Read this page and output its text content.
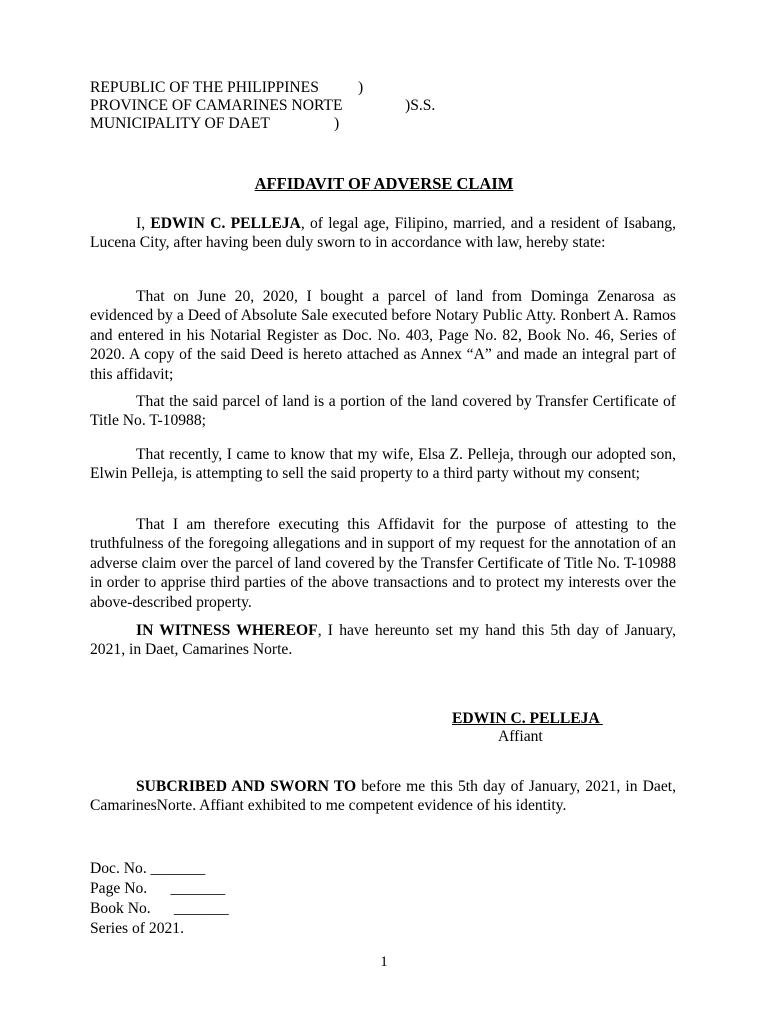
REPUBLIC OF THE PHILIPPINES	)
PROVINCE OF CAMARINES NORTE	)S.S.
MUNICIPALITY OF DAET	)
AFFIDAVIT OF ADVERSE CLAIM

I, EDWIN C. PELLEJA, of legal age, Filipino, married, and a resident of Isabang, Lucena City, after having been duly sworn to in accordance with law, hereby state:

That on June 20, 2020, I bought a parcel of land from Dominga Zenarosa as evidenced by a Deed of Absolute Sale executed before Notary Public Atty. Ronbert A. Ramos and entered in his Notarial Register as Doc. No. 403, Page No. 82, Book No. 46, Series of 2020. A copy of the said Deed is hereto attached as Annex “A” and made an integral part of this affidavit;

That the said parcel of land is a portion of the land covered by Transfer Certificate of Title No. T-10988;

That recently, I came to know that my wife, Elsa Z. Pelleja, through our adopted son, Elwin Pelleja, is attempting to sell the said property to a third party without my consent;

That I am therefore executing this Affidavit for the purpose of attesting to the truthfulness of the foregoing allegations and in support of my request for the annotation of an adverse claim over the parcel of land covered by the Transfer Certificate of Title No. T-10988 in order to apprise third parties of the above transactions and to protect my interests over the above-described property.

IN WITNESS WHEREOF, I have hereunto set my hand this 5th day of January, 2021, in Daet, Camarines Norte.

EDWIN C. PELLEJA
Affiant

SUBCRIBED AND SWORN TO before me this 5th day of January, 2021, in Daet, CamarinesNorte. Affiant exhibited to me competent evidence of his identity.

Doc. No. _______
Page No.      _______
Book No.      _______
Series of 2021.
1
